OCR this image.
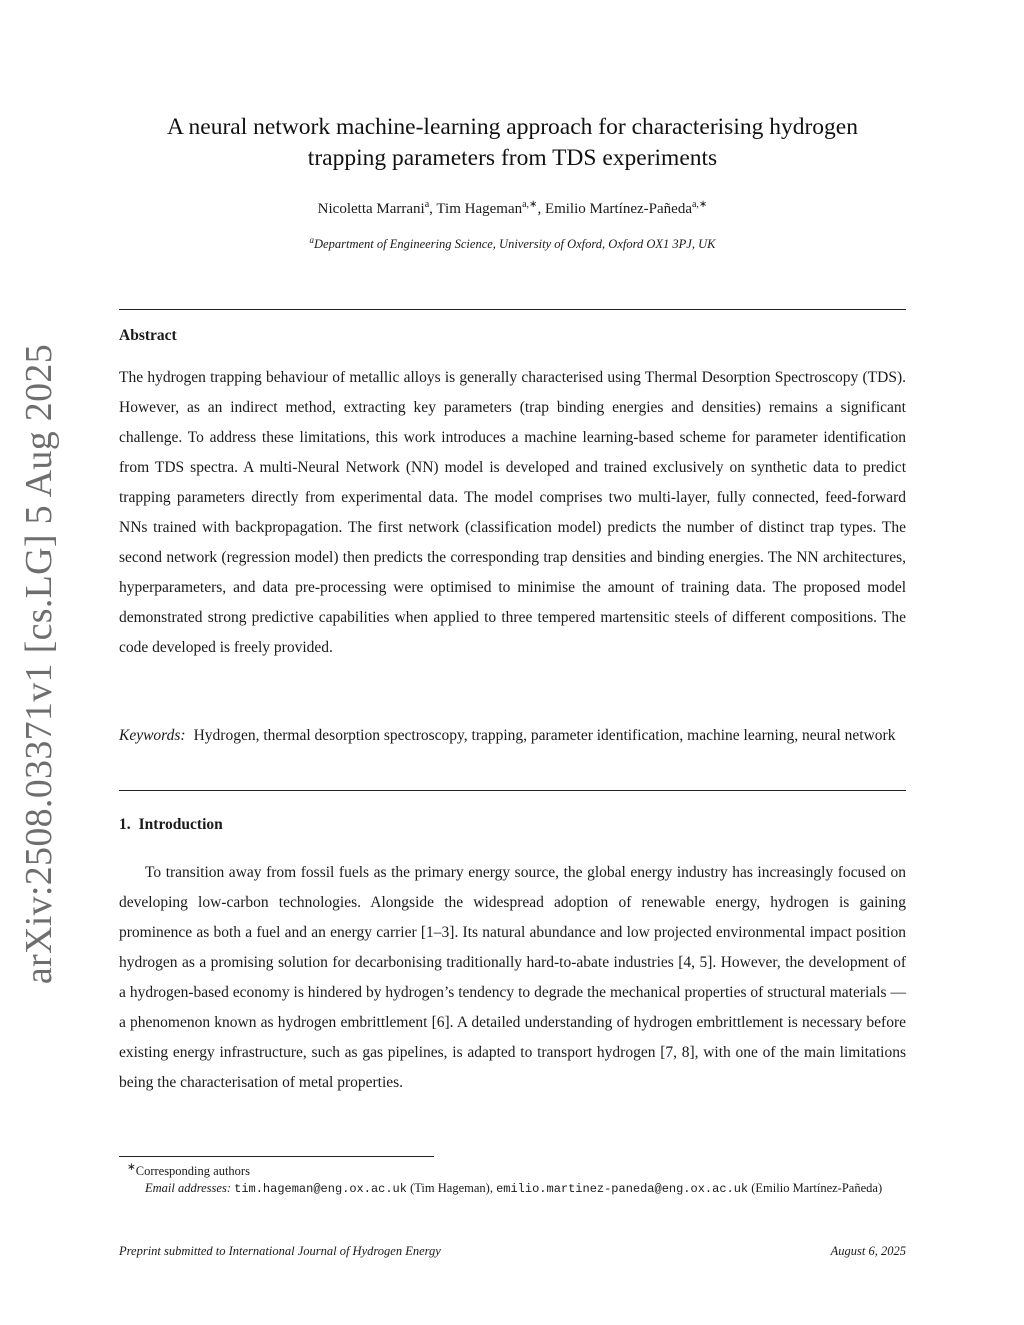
arXiv:2508.03371v1 [cs.LG] 5 Aug 2025
A neural network machine-learning approach for characterising hydrogen
trapping parameters from TDS experiments
Nicoletta Marrani$^a$, Tim Hageman$^{a,∗}$, Emilio Martínez-Pañeda$^{a,∗}$
$^a$Department of Engineering Science, University of Oxford, Oxford OX1 3PJ, UK
Abstract
The hydrogen trapping behaviour of metallic alloys is generally characterised using Thermal Desorption Spectroscopy (TDS). However, as an indirect method, extracting key parameters (trap binding energies and densities) remains a significant challenge. To address these limitations, this work introduces a machine learning-based scheme for parameter identification from TDS spectra. A multi-Neural Network (NN) model is developed and trained exclusively on synthetic data to predict trapping parameters directly from experimental data. The model comprises two multi-layer, fully connected, feed-forward NNs trained with backpropagation. The first network (classification model) predicts the number of distinct trap types. The second network (regression model) then predicts the corresponding trap densities and binding energies. The NN architectures, hyperparameters, and data pre-processing were optimised to minimise the amount of training data. The proposed model demonstrated strong predictive capabilities when applied to three tempered martensitic steels of different compositions. The code developed is freely provided.
Keywords: Hydrogen, thermal desorption spectroscopy, trapping, parameter identification, machine learning, neural network
1. Introduction
To transition away from fossil fuels as the primary energy source, the global energy industry has increasingly focused on developing low-carbon technologies. Alongside the widespread adoption of renewable energy, hydrogen is gaining prominence as both a fuel and an energy carrier [1–3]. Its natural abundance and low projected environmental impact position hydrogen as a promising solution for decarbonising traditionally hard-to-abate industries [4, 5]. However, the development of a hydrogen-based economy is hindered by hydrogen’s tendency to degrade the mechanical properties of structural materials —a phenomenon known as hydrogen embrittlement [6]. A detailed understanding of hydrogen embrittlement is necessary before existing energy infrastructure, such as gas pipelines, is adapted to transport hydrogen [7, 8], with one of the main limitations being the characterisation of metal properties.
∗Corresponding authors
Email addresses: tim.hageman@eng.ox.ac.uk (Tim Hageman), emilio.martinez-paneda@eng.ox.ac.uk (Emilio Martínez-Pañeda)
Preprint submitted to International Journal of Hydrogen Energy	August 6, 2025
